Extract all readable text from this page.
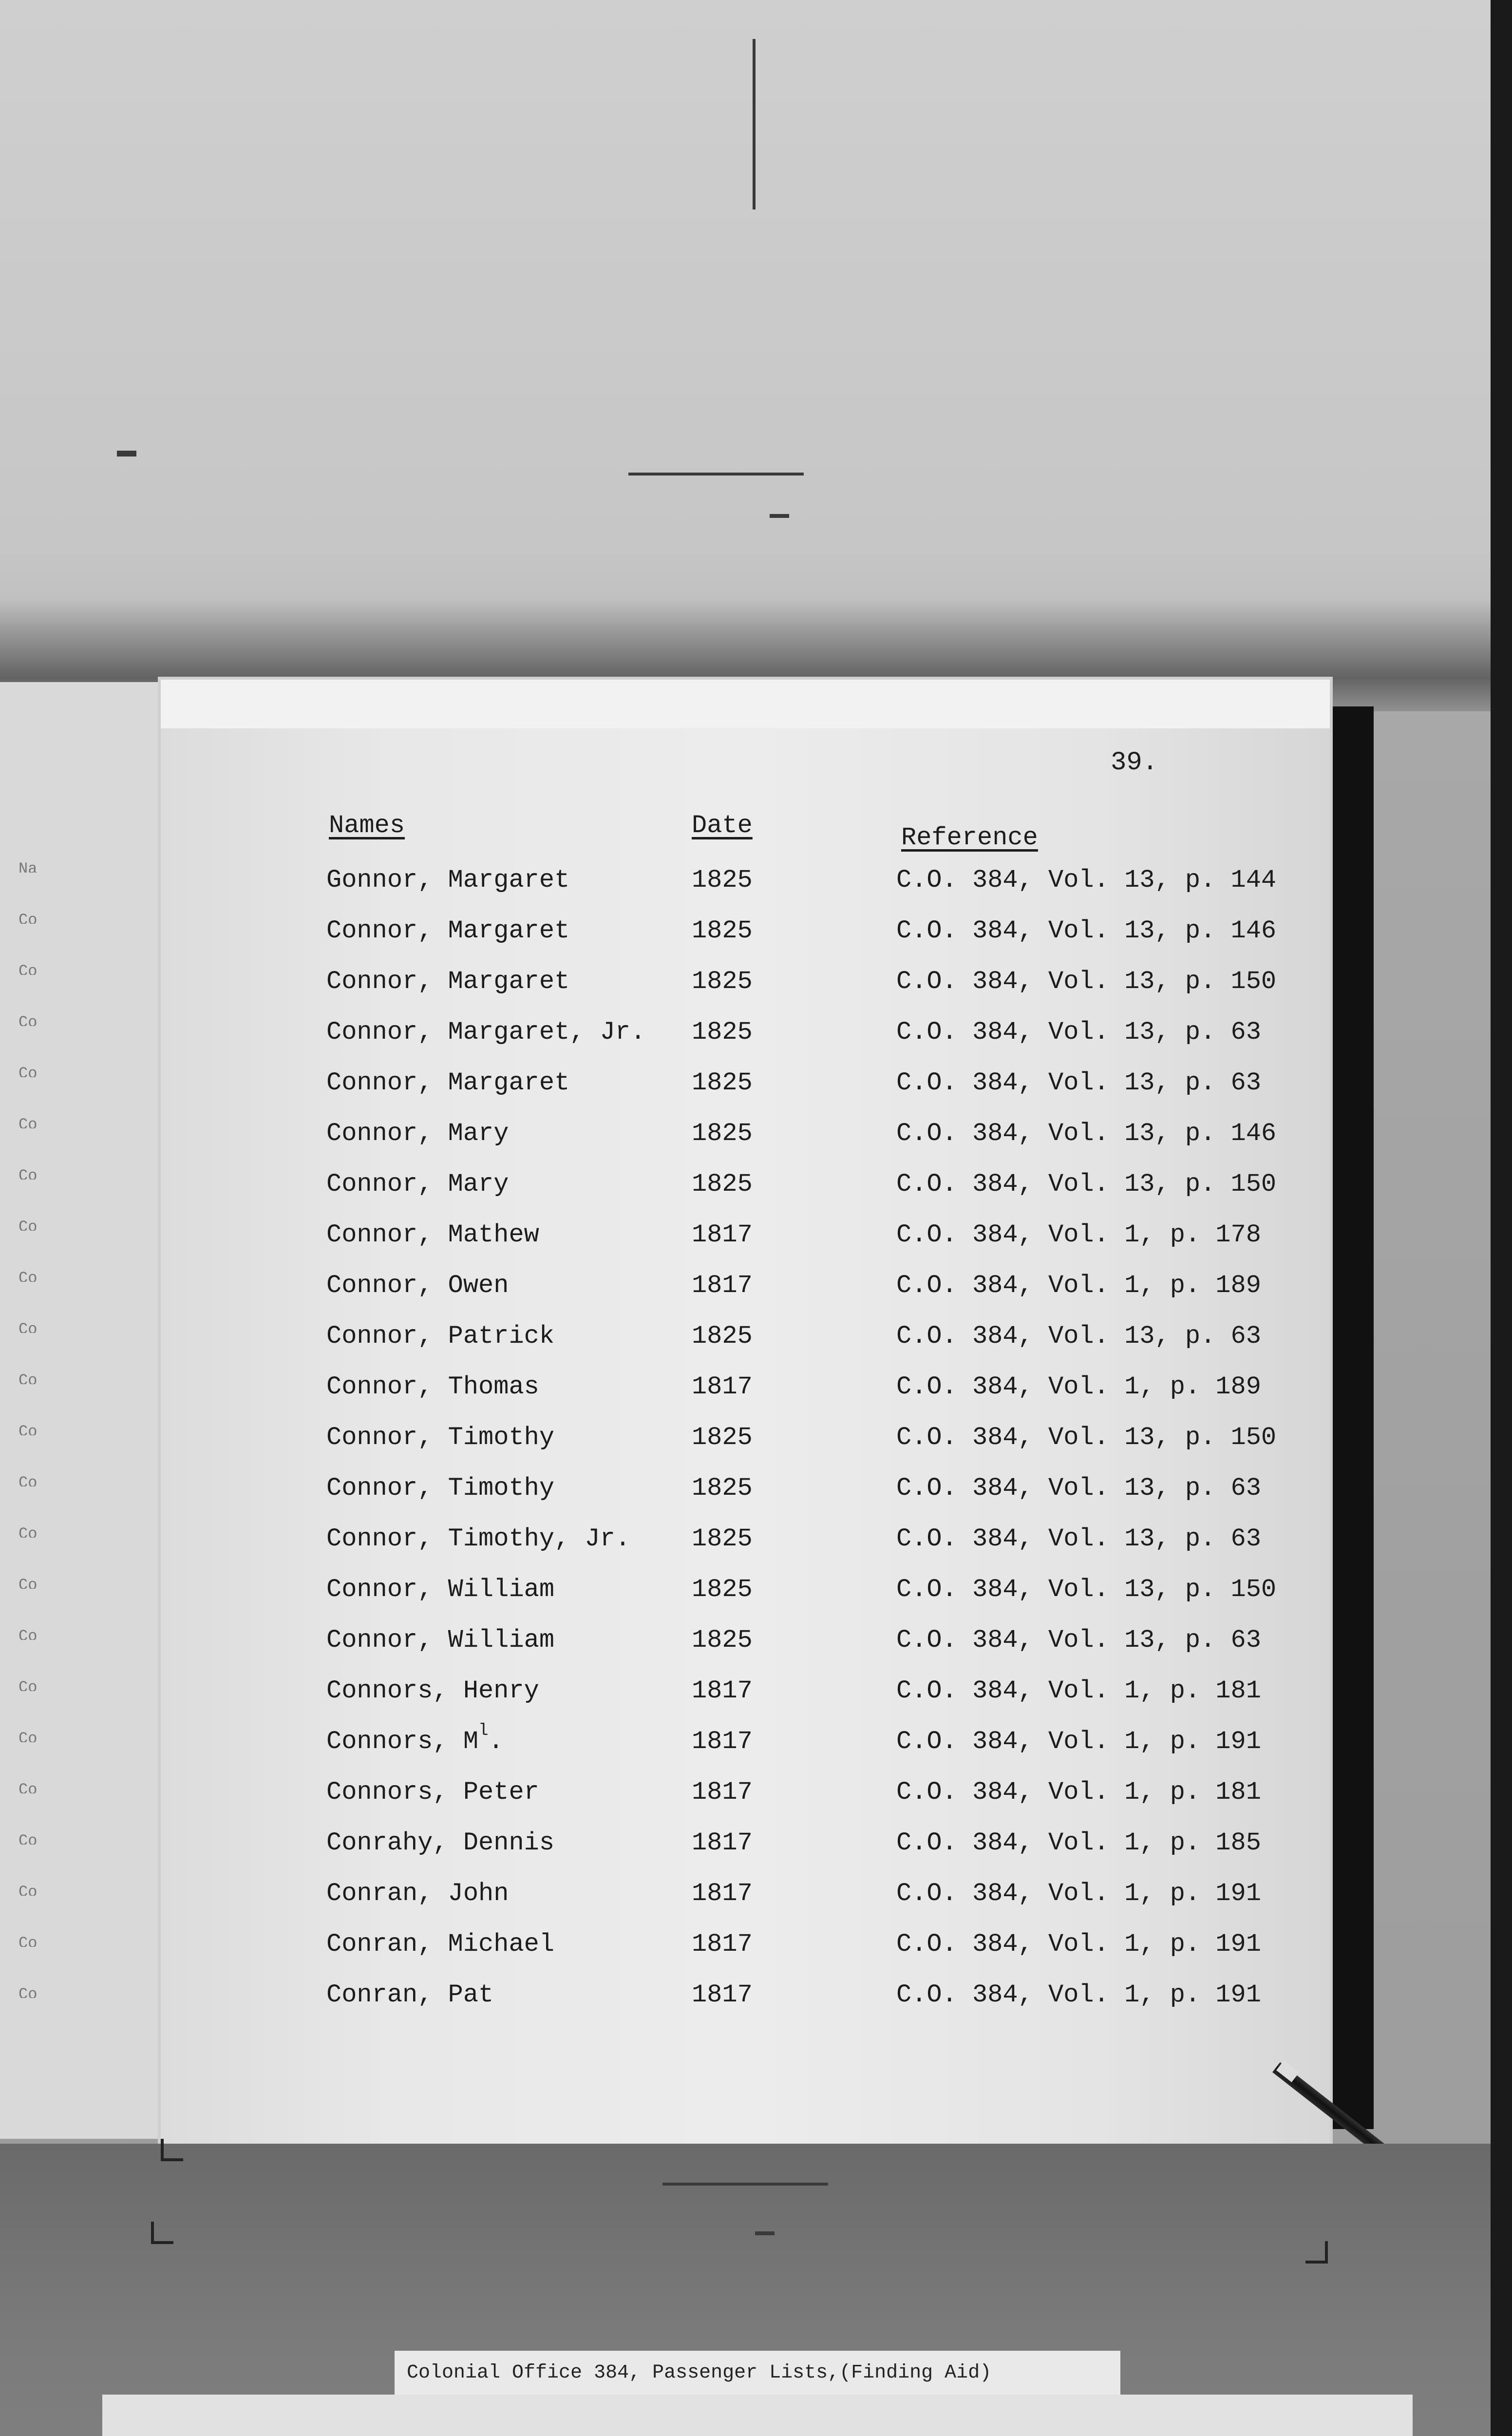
Na
Co
Co
Co
Co
Co
Co
Co
Co
Co
Co
Co
Co
Co
Co
Co
Co
Co
Co
Co
Co
Co
Co
39.
Names	Date	Reference
Gonnor, Margaret	1825	C.O. 384, Vol. 13, p. 144
Connor, Margaret	1825	C.O. 384, Vol. 13, p. 146
Connor, Margaret	1825	C.O. 384, Vol. 13, p. 150
Connor, Margaret, Jr. 1825	C.O. 384, Vol. 13, p. 63
Connor, Margaret	1825	C.O. 384, Vol. 13, p. 63
Connor, Mary	1825	C.O. 384, Vol. 13, p. 146
Connor, Mary	1825	C.O. 384, Vol. 13, p. 150
Connor, Mathew	1817	C.O. 384, Vol. 1, p. 178
Connor, Owen	1817	C.O. 384, Vol. 1, p. 189
Connor, Patrick	1825	C.O. 384, Vol. 13, p. 63
Connor, Thomas	1817	C.O. 384, Vol. 1, p. 189
Connor, Timothy	1825	C.O. 384, Vol. 13, p. 150
Connor, Timothy	1825	C.O. 384, Vol. 13, p. 63
Connor, Timothy, Jr. 1825	C.O. 384, Vol. 13, p. 63
Connor, William	1825	C.O. 384, Vol. 13, p. 150
Connor, William	1825	C.O. 384, Vol. 13, p. 63
Connors, Henry	1817	C.O. 384, Vol. 1, p. 181
Connors, $M^l$.	1817	C.O. 384, Vol. 1, p. 191
Connors, Peter	1817	C.O. 384, Vol. 1, p. 181
Conrahy, Dennis	1817	C.O. 384, Vol. 1, p. 185
Conran, John	1817	C.O. 384, Vol. 1, p. 191
Conran, Michael	1817	C.O. 384, Vol. 1, p. 191
Conran, Pat	1817	C.O. 384, Vol. 1, p. 191
Colonial Office 384, Passenger Lists,(Finding Aid)
